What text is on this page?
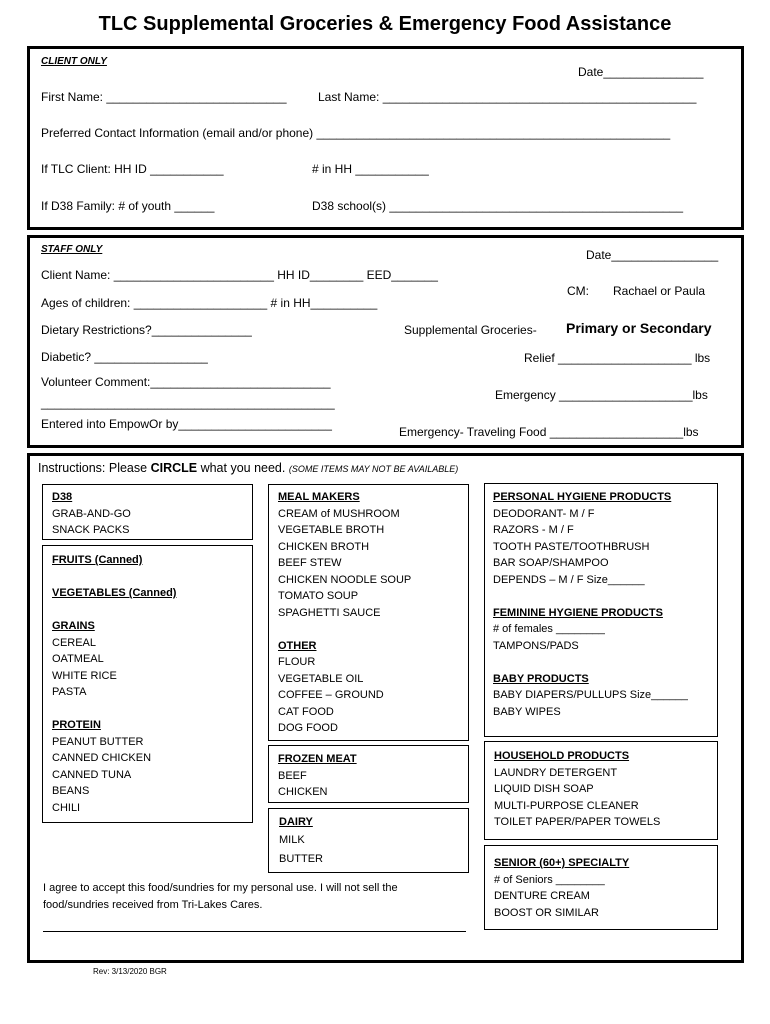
TLC Supplemental Groceries & Emergency Food Assistance
CLIENT ONLY
Date_______________
First Name: ___________________________	Last Name: _______________________________________________
Preferred Contact Information (email and/or phone) _____________________________________________________
If TLC Client: HH ID ___________	# in HH ___________
If D38 Family: # of youth ______	D38 school(s) ____________________________________________
STAFF ONLY	Date________________
Client Name: ________________________ HH ID________ EED_______
CM: Rachael or Paula
Ages of children: ____________________ # in HH__________
Dietary Restrictions?_______________	Supplemental Groceries- Primary or Secondary
Diabetic? _________________	Relief ____________________ lbs
Volunteer Comment:___________________________
Emergency ____________________lbs
____________________________________________
Entered into EmpowOr by_______________________
Emergency- Traveling Food ____________________lbs
Instructions: Please CIRCLE what you need. (SOME ITEMS MAY NOT BE AVAILABLE)
D38
GRAB-AND-GO
SNACK PACKS
FRUITS (Canned)
VEGETABLES (Canned)
GRAINS
CEREAL
OATMEAL
WHITE RICE
PASTA
PROTEIN
PEANUT BUTTER
CANNED CHICKEN
CANNED TUNA
BEANS
CHILI
MEAL MAKERS
CREAM of MUSHROOM
VEGETABLE BROTH
CHICKEN BROTH
BEEF STEW
CHICKEN NOODLE SOUP
TOMATO SOUP
SPAGHETTI SAUCE
OTHER
FLOUR
VEGETABLE OIL
COFFEE – GROUND
CAT FOOD
DOG FOOD
FROZEN MEAT
BEEF
CHICKEN
DAIRY
MILK
BUTTER
PERSONAL HYGIENE PRODUCTS
DEODORANT- M / F
RAZORS - M / F
TOOTH PASTE/TOOTHBRUSH
BAR SOAP/SHAMPOO
DEPENDS – M / F Size______
FEMININE HYGIENE PRODUCTS
# of females ________
TAMPONS/PADS
BABY PRODUCTS
BABY DIAPERS/PULLUPS Size______
BABY WIPES
HOUSEHOLD PRODUCTS
LAUNDRY DETERGENT
LIQUID DISH SOAP
MULTI-PURPOSE CLEANER
TOILET PAPER/PAPER TOWELS
SENIOR (60+) SPECIALTY
# of Seniors ________
DENTURE CREAM
BOOST OR SIMILAR
I agree to accept this food/sundries for my personal use. I will not sell the
food/sundries received from Tri-Lakes Cares.
Rev: 3/13/2020 BGR
